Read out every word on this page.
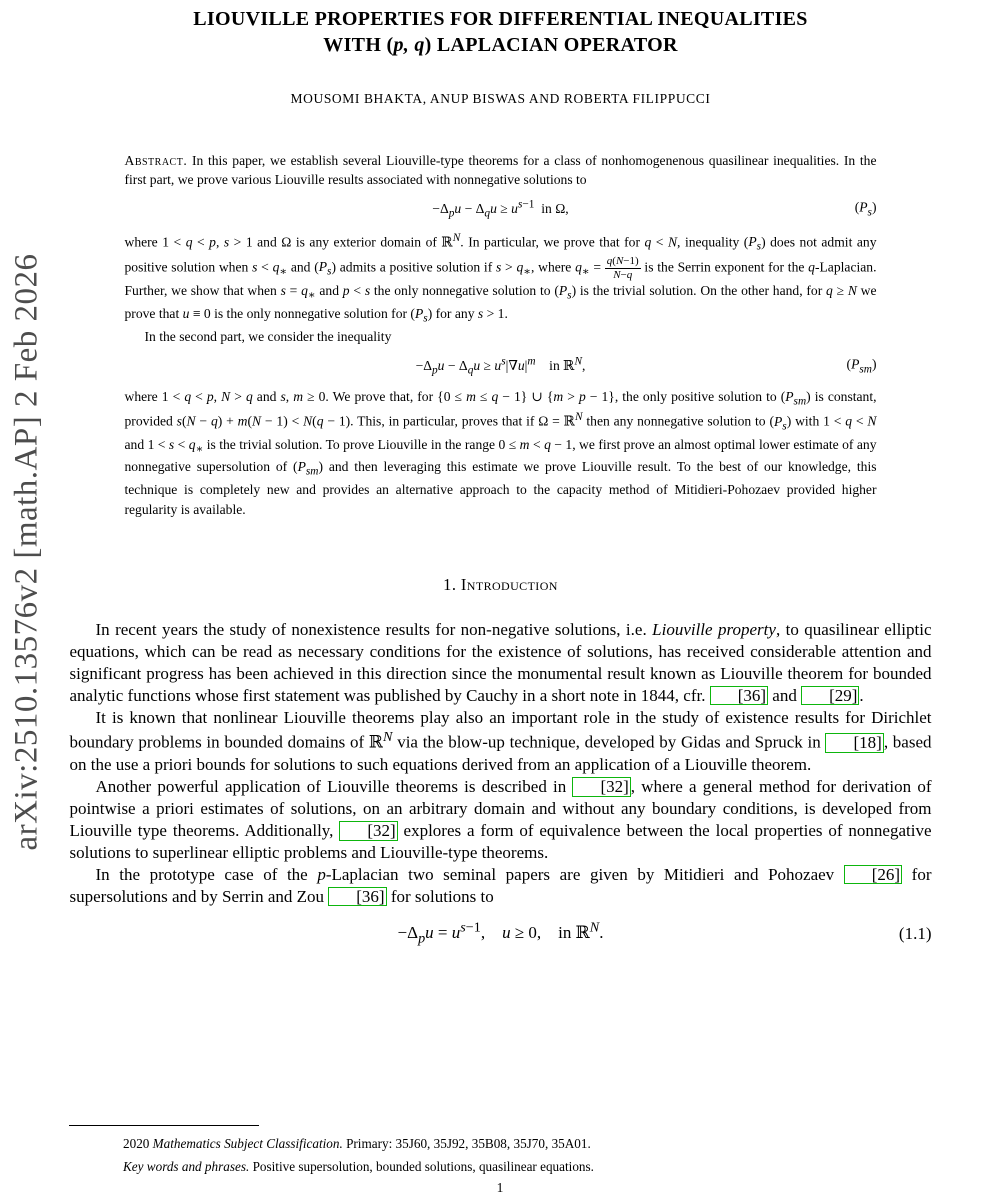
arXiv:2510.13576v2 [math.AP] 2 Feb 2026
LIOUVILLE PROPERTIES FOR DIFFERENTIAL INEQUALITIES
WITH (p, q) LAPLACIAN OPERATOR
MOUSOMI BHAKTA, ANUP BISWAS AND ROBERTA FILIPPUCCI

Abstract. In this paper, we establish several Liouville-type theorems for a class of nonhomogenenous quasilinear inequalities. In the first part, we prove various Liouville results associated with nonnegative solutions to

$-\Delta_pu - \Delta_qu \ge u^{s-1}$  in Ω,	$(P_s)$

where 1 < q < p, s > 1 and Ω is any exterior domain of ℝ$^N$. In particular, we prove that for q < N, inequality $(P_s)$ does not admit any positive solution when $s < q_∗$ and $(P_s)$ admits a positive solution if $s > q_∗$, where $q_∗ = \frac{q(N-1)}{N-q}$ is the Serrin exponent for the q-Laplacian. Further, we show that when $s = q_∗$ and p < s the only nonnegative solution to $(P_s)$ is the trivial solution. On the other hand, for q ≥ N we prove that u ≡ 0 is the only nonnegative solution for $(P_s)$ for any s > 1.

In the second part, we consider the inequality

$-\Delta_pu - \Delta_qu \ge u^s|\nabla u|^m$    in ℝ$^N$,	$(P_{sm})$

where 1 < q < p, N > q and s, m ≥ 0. We prove that, for {0 ≤ m ≤ q − 1} ∪ {m > p − 1}, the only positive solution to $(P_{sm})$ is constant, provided s(N − q) + m(N − 1) < N(q − 1). This, in particular, proves that if Ω = ℝ$^N$ then any nonnegative solution to $(P_s)$ with 1 < q < N and $1 < s < q_∗$ is the trivial solution. To prove Liouville in the range 0 ≤ m < q − 1, we first prove an almost optimal lower estimate of any nonnegative supersolution of $(P_{sm})$ and then leveraging this estimate we prove Liouville result. To the best of our knowledge, this technique is completely new and provides an alternative approach to the capacity method of Mitidieri-Pohozaev provided higher regularity is available.

1. Introduction

In recent years the study of nonexistence results for non-negative solutions, i.e. Liouville property, to quasilinear elliptic equations, which can be read as necessary conditions for the existence of solutions, has received considerable attention and significant progress has been achieved in this direction since the monumental result known as Liouville theorem for bounded analytic functions whose first statement was published by Cauchy in a short note in 1844, cfr. [36] and [29] .

It is known that nonlinear Liouville theorems play also an important role in the study of existence results for Dirichlet boundary problems in bounded domains of ℝ$^N$ via the blow-up technique, developed by Gidas and Spruck in [18] , based on the use a priori bounds for solutions to such equations derived from an application of a Liouville theorem.

Another powerful application of Liouville theorems is described in [32] , where a general method for derivation of pointwise a priori estimates of solutions, on an arbitrary domain and without any boundary conditions, is developed from Liouville type theorems. Additionally, [32] explores a form of equivalence between the local properties of nonnegative solutions to superlinear elliptic problems and Liouville-type theorems.

In the prototype case of the p-Laplacian two seminal papers are given by Mitidieri and Pohozaev [26] for supersolutions and by Serrin and Zou [36] for solutions to

$-\Delta_pu = u^{s-1}$,    u ≥ 0,    in ℝ$^N$.	(1.1)

2020 Mathematics Subject Classification. Primary: 35J60, 35J92, 35B08, 35J70, 35A01.

Key words and phrases. Positive supersolution, bounded solutions, quasilinear equations.

1
